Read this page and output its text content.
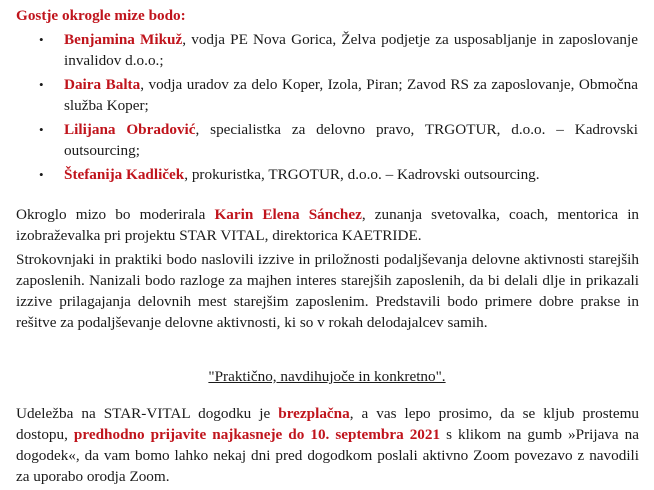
Gostje okrogle mize bodo:
• Benjamina Mikuž, vodja PE Nova Gorica, Želva podjetje za usposabljanje in zaposlovanje invalidov d.o.o.;
• Daira Balta, vodja uradov za delo Koper, Izola, Piran; Zavod RS za zaposlovanje, Območna služba Koper;
• Lilijana Obradović, specialistka za delovno pravo, TRGOTUR, d.o.o. – Kadrovski outsourcing;
• Štefanija Kadliček, prokuristka, TRGOTUR, d.o.o. – Kadrovski outsourcing.

Okroglo mizo bo moderirala Karin Elena Sánchez, zunanja svetovalka, coach, mentorica in izobraževalka pri projektu STAR VITAL, direktorica KAETRIDE.

Strokovnjaki in praktiki bodo naslovili izzive in priložnosti podaljševanja delovne aktivnosti starejših zaposlenih. Nanizali bodo razloge za majhen interes starejših zaposlenih, da bi delali dlje in prikazali izzive prilagajanja delovnih mest starejšim zaposlenim. Predstavili bodo primere dobre prakse in rešitve za podaljševanje delovne aktivnosti, ki so v rokah delodajalcev samih.

"Praktično, navdihujoče in konkretno".

Udeležba na STAR-VITAL dogodku je brezplačna, a vas lepo prosimo, da se kljub prostemu dostopu, predhodno prijavite najkasneje do 10. septembra 2021 s klikom na gumb »Prijava na dogodek«, da vam bomo lahko nekaj dni pred dogodkom poslali aktivno Zoom povezavo z navodili za uporabo orodja Zoom.
